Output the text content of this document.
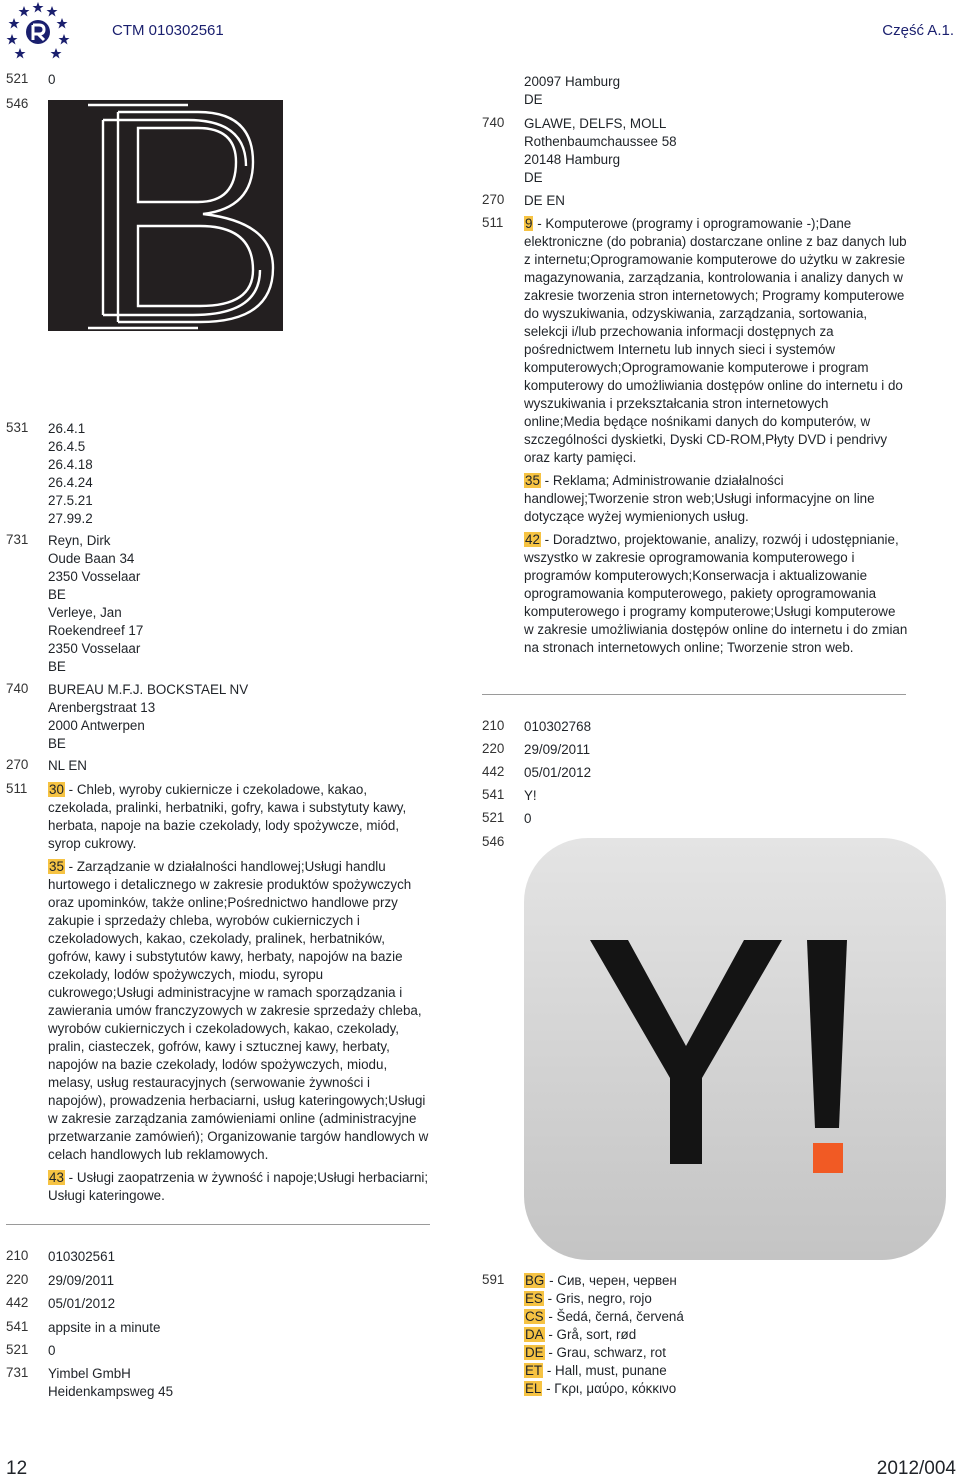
CTM 010302561	Część A.1.
521	0
546
531	26.4.1
26.4.5
26.4.18
26.4.24
27.5.21
27.99.2
731	Reyn, Dirk
Oude Baan 34
2350 Vosselaar
BE
Verleye, Jan
Roekendreef 17
2350 Vosselaar
BE
740	BUREAU M.F.J. BOCKSTAEL NV
Arenbergstraat 13
2000 Antwerpen
BE
270	NL EN
511	30 - Chleb, wyroby cukiernicze i czekoladowe, kakao, czekolada, pralinki, herbatniki, gofry, kawa i substytuty kawy, herbata, napoje na bazie czekolady, lody spożywcze, miód, syrop cukrowy.

35 - Zarządzanie w działalności handlowej;Usługi handlu hurtowego i detalicznego w zakresie produktów spożywczych oraz upominków, także online;Pośrednictwo handlowe przy zakupie i sprzedaży chleba, wyrobów cukierniczych i czekoladowych, kakao, czekolady, pralinek, herbatników, gofrów, kawy i substytutów kawy, herbaty, napojów na bazie czekolady, lodów spożywczych, miodu, syropu cukrowego;Usługi administracyjne w ramach sporządzania i zawierania umów franczyzowych w zakresie sprzedaży chleba, wyrobów cukierniczych i czekoladowych, kakao, czekolady, pralin, ciasteczek, gofrów, kawy i sztucznej kawy, herbaty, napojów na bazie czekolady, lodów spożywczych, miodu, melasy, usług restauracyjnych (serwowanie żywności i napojów), prowadzenia herbaciarni, usług kateringowych;Usługi w zakresie zarządzania zamówieniami online (administracyjne przetwarzanie zamówień); Organizowanie targów handlowych w celach handlowych lub reklamowych.

43 - Usługi zaopatrzenia w żywność i napoje;Usługi herbaciarni; Usługi kateringowe.

210	010302561
220	29/09/2011
442	05/01/2012
541	appsite in a minute
521	0
731	Yimbel GmbH
Heidenkampsweg 45
20097 Hamburg
DE
740	GLAWE, DELFS, MOLL
Rothenbaumchaussee 58
20148 Hamburg
DE
270	DE EN
511	9 - Komputerowe (programy i oprogramowanie -);Dane elektroniczne (do pobrania) dostarczane online z baz danych lub z internetu;Oprogramowanie komputerowe do użytku w zakresie magazynowania, zarządzania, kontrolowania i analizy danych w zakresie tworzenia stron internetowych; Programy komputerowe do wyszukiwania, odzyskiwania, zarządzania, sortowania, selekcji i/lub przechowania informacji dostępnych za pośrednictwem Internetu lub innych sieci i systemów komputerowych;Oprogramowanie komputerowe i program komputerowy do umożliwiania dostępów online do internetu i do wyszukiwania i przekształcania stron internetowych online;Media będące nośnikami danych do komputerów, w szczególności dyskietki, Dyski CD-ROM,Płyty DVD i pendrivy oraz karty pamięci.

35 - Reklama; Administrowanie działalności handlowej;Tworzenie stron web;Usługi informacyjne on line dotyczące wyżej wymienionych usług.

42 - Doradztwo, projektowanie, analizy, rozwój i udostępnianie, wszystko w zakresie oprogramowania komputerowego i programów komputerowych;Konserwacja i aktualizowanie oprogramowania komputerowego, pakiety oprogramowania komputerowego i programy komputerowe;Usługi komputerowe w zakresie umożliwiania dostępów online do internetu i do zmian na stronach internetowych online; Tworzenie stron web.

210	010302768
220	29/09/2011
442	05/01/2012
541	Y!
521	0
546
591	BG - Сив, черен, червен
ES - Gris, negro, rojo
CS - Šedá, černá, červená
DA - Grå, sort, rød
DE - Grau, schwarz, rot
ET - Hall, must, punane
EL - Γκρι, μαύρο, κόκκινο
12	2012/004
